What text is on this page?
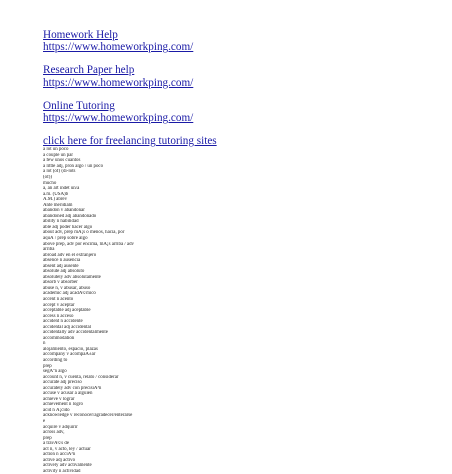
Homework Help
https://www.homeworkping.com/
Research Paper help
https://www.homeworkping.com/
Online Tutoring
https://www.homeworkping.com/
click here for freelancing tutoring sites
a lot un poco
a couple un par
a few unos cuantos
a little adj, pron algo / un poco
a lot (of) (di-lots
(of))
mucho
a, an art indet un/a
a.m. (USA)b
A.M.) abrev
Ante meridiam
abandon v abandonar
abandoned adj abandonado
ability n habilidad
able adj poder hacer algo
about adv, prep mÃ¡s o menos, hacia, por
aquÃ / prep sobre algo
above prep, adv por encima, mÃ¡s arriba / adv
arriba
abroad adv en el extranjero
absence n ausencia
absent adj ausente
absolute adj absoluto
absolutely adv absolutamente
absorb v absorber
abuse n, v abusar, abuso
academic adj acadÃ©mico
accent n acento
accept v aceptar
acceptable adj aceptable
access n acceso
accident n accidente
accidental adj accidental
accidentally adv accidentalmente
accommodation
n
alojamiento, espacio, plazas
accompany v acompaÃ±ar
according to
prep
segÃºn algo
account n, v cuenta, relato / considerar
accurate adj preciso
accurately adv con precisiÃ³n
accuse v acusar a alguien
achieve v lograr
achievement n logro
acid n Ã¡cido
acknowledge v reconocer/agradecer/enterarse
e
acquire v adquirir
across adv,
prep
a travÃ©s de
act n, v acto, ley / actuar
action n acciÃ³n
active adj activo
actively adv activamente
activity n actividad
